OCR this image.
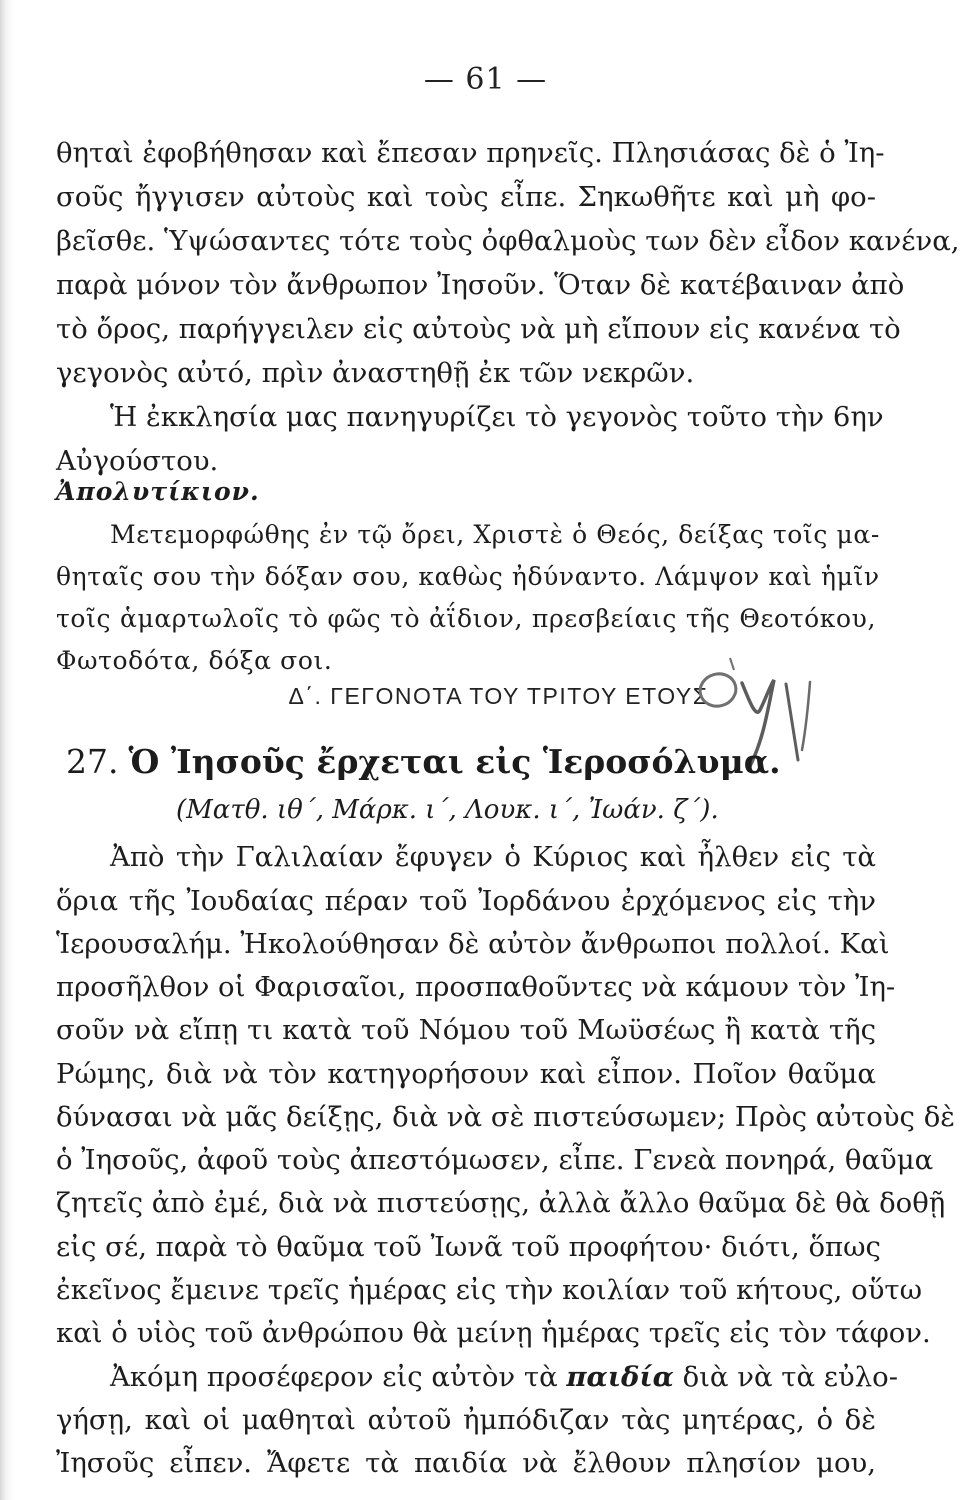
— 61 —
θηταὶ ἐφοβήθησαν καὶ ἔπεσαν πρηνεῖς. Πλησιάσας δὲ ὁ Ἰη-
σοῦς ἤγγισεν αὐτοὺς καὶ τοὺς εἶπε. Σηκωθῆτε καὶ μὴ φο-
βεῖσθε. Ὑψώσαντες τότε τοὺς ὀφθαλμοὺς των δὲν εἶδον κανένα,
παρὰ μόνον τὸν ἄνθρωπον Ἰησοῦν. Ὅταν δὲ κατέβαιναν ἀπὸ
τὸ ὄρος, παρήγγειλεν εἰς αὐτοὺς νὰ μὴ εἴπουν εἰς κανένα τὸ
γεγονὸς αὐτό, πρὶν ἀναστηθῇ ἐκ τῶν νεκρῶν.
Ἡ ἐκκλησία μας πανηγυρίζει τὸ γεγονὸς τοῦτο τὴν 6ην
Αὐγούστου.
Ἀπολυτίκιον.
Μετεμορφώθης ἐν τῷ ὄρει, Χριστὲ ὁ Θεός, δείξας τοῖς μα-
θηταῖς σου τὴν δόξαν σου, καθὼς ἠδύναντο. Λάμψον καὶ ἡμῖν
τοῖς ἁμαρτωλοῖς τὸ φῶς τὸ ἀΐδιον, πρεσβείαις τῆς Θεοτόκου,
Φωτοδότα, δόξα σοι.
Δ΄. ΓΕΓΟΝΟΤΑ ΤΟΥ ΤΡΙΤΟΥ ΕΤΟΥΣ
27. Ὁ Ἰησοῦς ἔρχεται εἰς Ἱεροσόλυμα.
(Ματθ. ιθ΄, Μάρκ. ι΄, Λουκ. ι΄, Ἰωάν. ζ΄).
Ἀπὸ τὴν Γαλιλαίαν ἔφυγεν ὁ Κύριος καὶ ἦλθεν εἰς τὰ
ὅρια τῆς Ἰουδαίας πέραν τοῦ Ἰορδάνου ἐρχόμενος εἰς τὴν
Ἱερουσαλήμ. Ἠκολούθησαν δὲ αὐτὸν ἄνθρωποι πολλοί. Καὶ
προσῆλθον οἱ Φαρισαῖοι, προσπαθοῦντες νὰ κάμουν τὸν Ἰη-
σοῦν νὰ εἴπῃ τι κατὰ τοῦ Νόμου τοῦ Μωϋσέως ἢ κατὰ τῆς
Ρώμης, διὰ νὰ τὸν κατηγορήσουν καὶ εἶπον. Ποῖον θαῦμα
δύνασαι νὰ μᾶς δείξῃς, διὰ νὰ σὲ πιστεύσωμεν; Πρὸς αὐτοὺς δὲ
ὁ Ἰησοῦς, ἀφοῦ τοὺς ἀπεστόμωσεν, εἶπε. Γενεὰ πονηρά, θαῦμα
ζητεῖς ἀπὸ ἐμέ, διὰ νὰ πιστεύσῃς, ἀλλὰ ἄλλο θαῦμα δὲ θὰ δοθῇ
εἰς σέ, παρὰ τὸ θαῦμα τοῦ Ἰωνᾶ τοῦ προφήτου· διότι, ὅπως
ἐκεῖνος ἔμεινε τρεῖς ἡμέρας εἰς τὴν κοιλίαν τοῦ κήτους, οὕτω
καὶ ὁ υἱὸς τοῦ ἀνθρώπου θὰ μείνῃ ἡμέρας τρεῖς εἰς τὸν τάφον.
Ἀκόμη προσέφερον εἰς αὐτὸν τὰ παιδία διὰ νὰ τὰ εὐλο-
γήσῃ, καὶ οἱ μαθηταὶ αὐτοῦ ἠμπόδιζαν τὰς μητέρας, ὁ δὲ
Ἰησοῦς εἶπεν. Ἄφετε τὰ παιδία νὰ ἔλθουν πλησίον μου,
